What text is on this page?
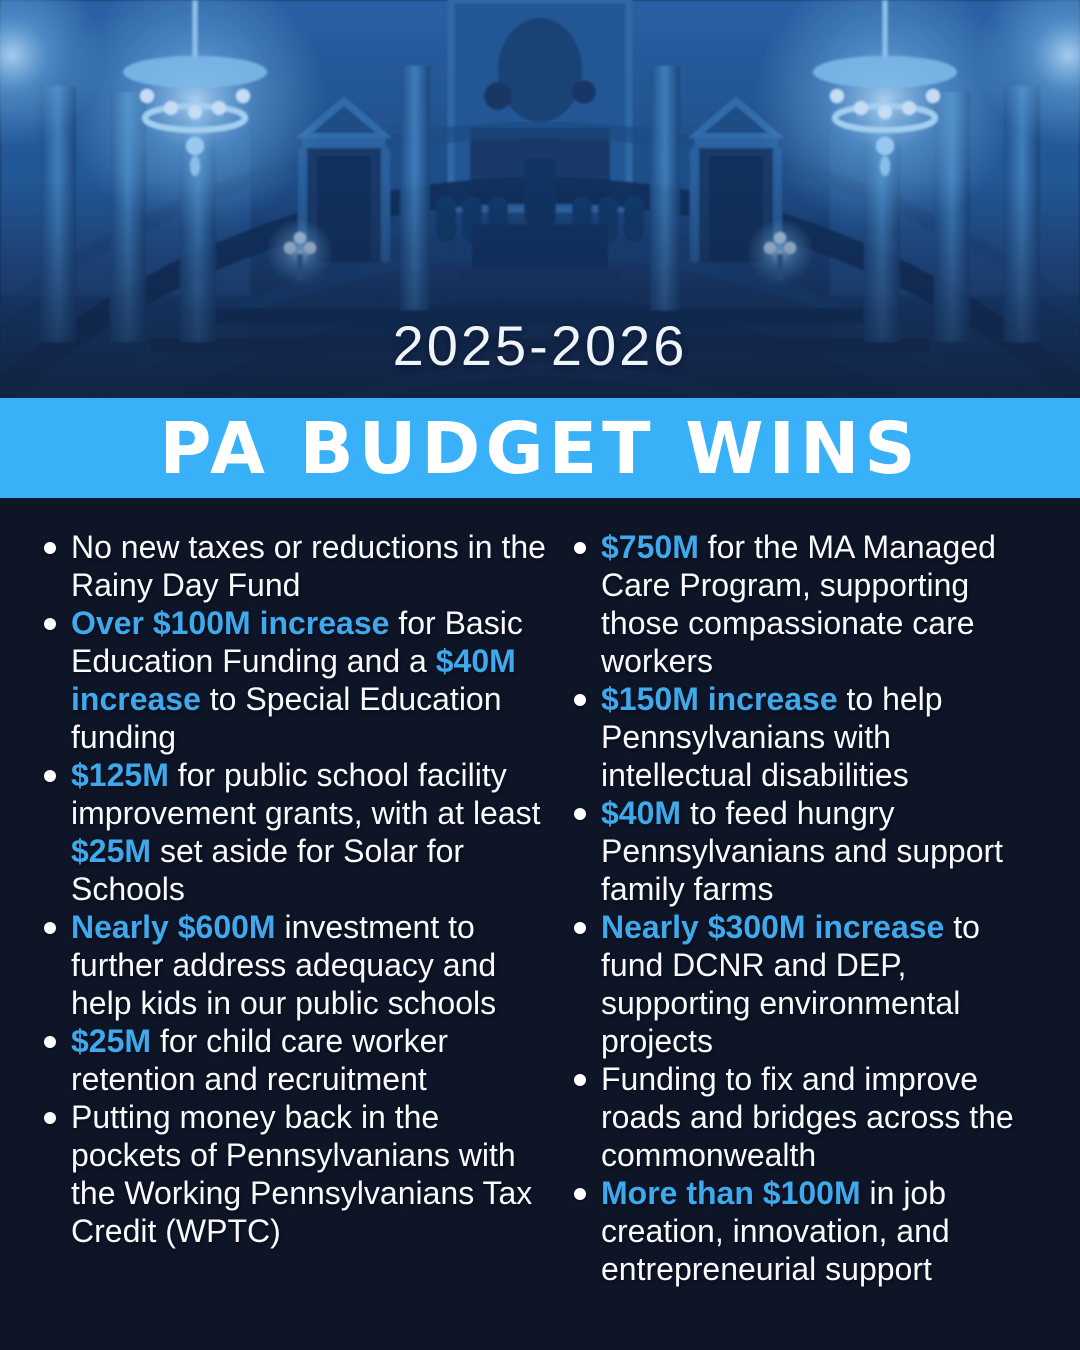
2025-2026
PA BUDGET WINS
No new taxes or reductions in the Rainy Day Fund
Over $100M increase for Basic Education Funding and a $40M increase to Special Education funding
$125M for public school facility improvement grants, with at least $25M set aside for Solar for Schools
Nearly $600M investment to further address adequacy and help kids in our public schools
$25M for child care worker retention and recruitment
Putting money back in the pockets of Pennsylvanians with the Working Pennsylvanians Tax Credit (WPTC)
$750M for the MA Managed Care Program, supporting those compassionate care workers
$150M increase to help Pennsylvanians with intellectual disabilities
$40M to feed hungry Pennsylvanians and support family farms
Nearly $300M increase to fund DCNR and DEP, supporting environmental projects
Funding to fix and improve roads and bridges across the commonwealth
More than $100M in job creation, innovation, and entrepreneurial support
